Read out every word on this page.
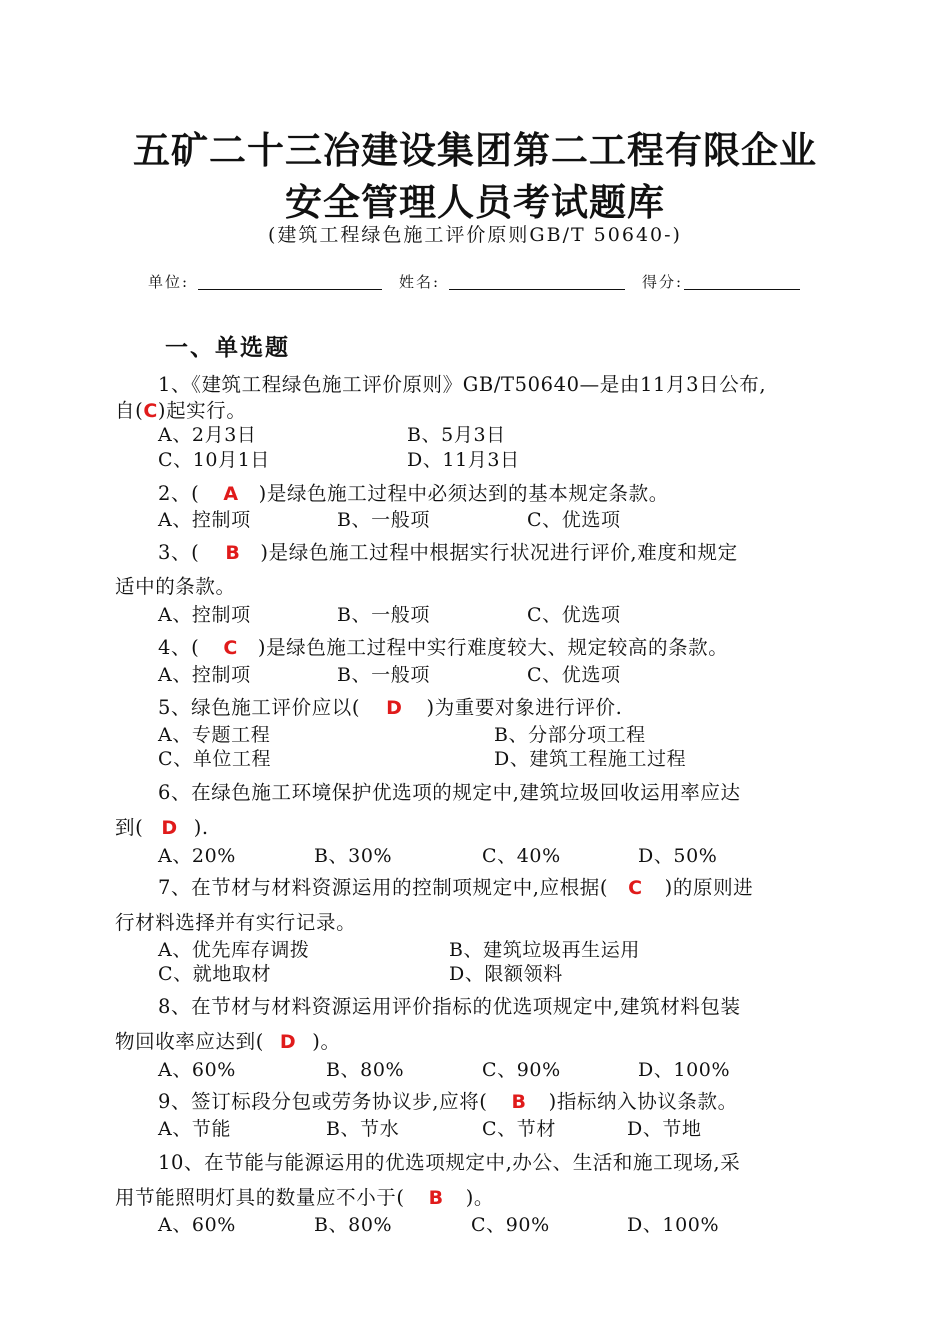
五矿二十三冶建设集团第二工程有限企业
安全管理人员考试题库
(建筑工程绿色施工评价原则GB/T 50640-)
单位:	姓名:	得分:
一、单选题
1、《建筑工程绿色施工评价原则》GB/T50640—是由11月3日公布,
自(C)起实行。
A、2月3日	B、5月3日
C、10月1日	D、11月3日
2、( A )是绿色施工过程中必须达到的基本规定条款。
A、控制项	B、一般项	C、优选项
3、( B )是绿色施工过程中根据实行状况进行评价,难度和规定
适中的条款。
A、控制项	B、一般项	C、优选项
4、( C )是绿色施工过程中实行难度较大、规定较高的条款。
A、控制项	B、一般项	C、优选项
5、绿色施工评价应以( D )为重要对象进行评价.
A、专题工程	B、分部分项工程
C、单位工程	D、建筑工程施工过程
6、在绿色施工环境保护优选项的规定中,建筑垃圾回收运用率应达
到( D ).
A、20%	B、30%	C、40%	D、50%
7、在节材与材料资源运用的控制项规定中,应根据( C )的原则进
行材料选择并有实行记录。
A、优先库存调拨	B、建筑垃圾再生运用
C、就地取材	D、限额领料
8、在节材与材料资源运用评价指标的优选项规定中,建筑材料包装
物回收率应达到( D )。
A、60%	B、80%	C、90%	D、100%
9、签订标段分包或劳务协议步,应将( B )指标纳入协议条款。
A、节能	B、节水	C、节材	D、节地
10、在节能与能源运用的优选项规定中,办公、生活和施工现场,采
用节能照明灯具的数量应不小于( B )。
A、60%	B、80%	C、90%	D、100%
